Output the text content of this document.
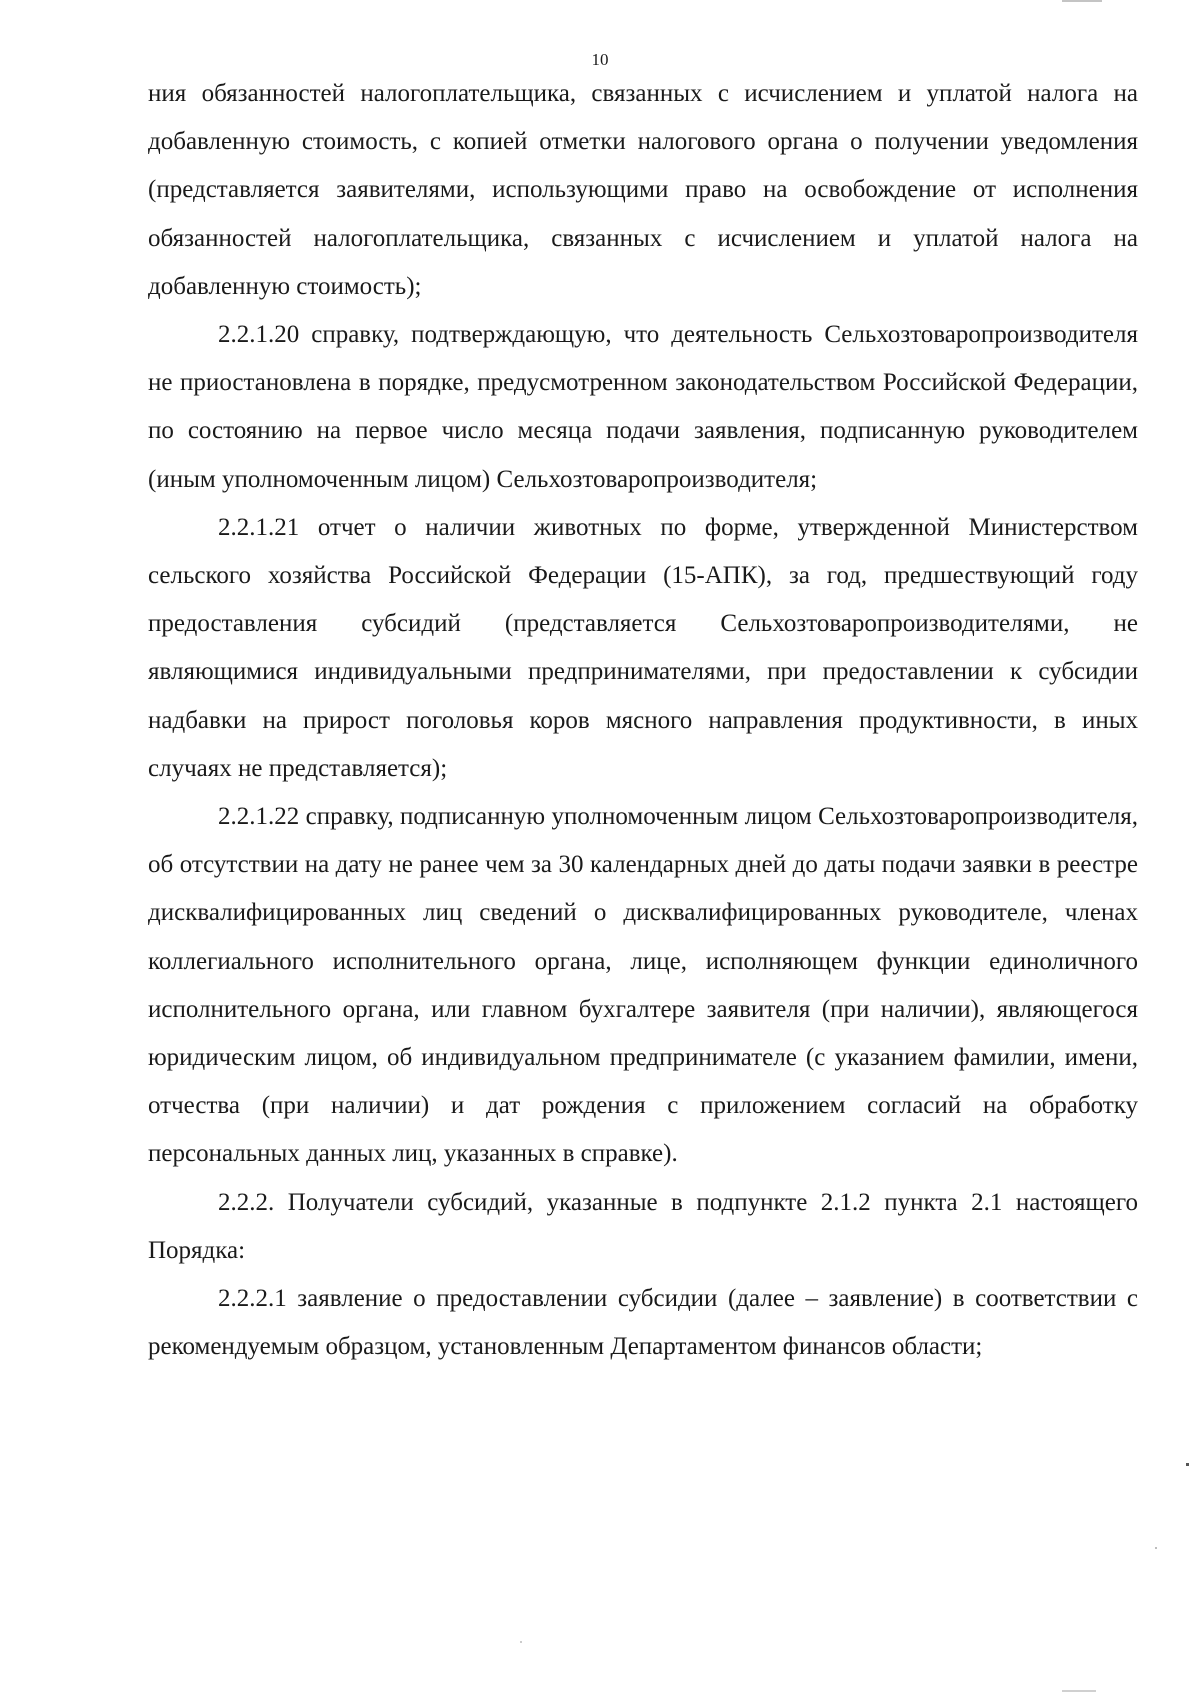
10

ния обязанностей налогоплательщика, связанных с исчислением и уплатой налога на добавленную стоимость, с копией отметки налогового органа о получении уведомления (представляется заявителями, использующими право на освобождение от исполнения обязанностей налогоплательщика, связанных с исчислением и уплатой налога на добавленную стоимость);

2.2.1.20 справку, подтверждающую, что деятельность Сельхозтоваропроизводителя не приостановлена в порядке, предусмотренном законодательством Российской Федерации, по состоянию на первое число месяца подачи заявления, подписанную руководителем (иным уполномоченным лицом) Сельхозтоваропроизводителя;

2.2.1.21 отчет о наличии животных по форме, утвержденной Министерством сельского хозяйства Российской Федерации (15-АПК), за год, предшествующий году предоставления субсидий (представляется Сельхозтоваропроизводителями, не являющимися индивидуальными предпринимателями, при предоставлении к субсидии надбавки на прирост поголовья коров мясного направления продуктивности, в иных случаях не представляется);

2.2.1.22 справку, подписанную уполномоченным лицом Сельхозтоваропроизводителя, об отсутствии на дату не ранее чем за 30 календарных дней до даты подачи заявки в реестре дисквалифицированных лиц сведений о дисквалифицированных руководителе, членах коллегиального исполнительного органа, лице, исполняющем функции единоличного исполнительного органа, или главном бухгалтере заявителя (при наличии), являющегося юридическим лицом, об индивидуальном предпринимателе (с указанием фамилии, имени, отчества (при наличии) и дат рождения с приложением согласий на обработку персональных данных лиц, указанных в справке).

2.2.2. Получатели субсидий, указанные в подпункте 2.1.2 пункта 2.1 настоящего Порядка:

2.2.2.1 заявление о предоставлении субсидии (далее – заявление) в соответствии с рекомендуемым образцом, установленным Департаментом финансов области;
